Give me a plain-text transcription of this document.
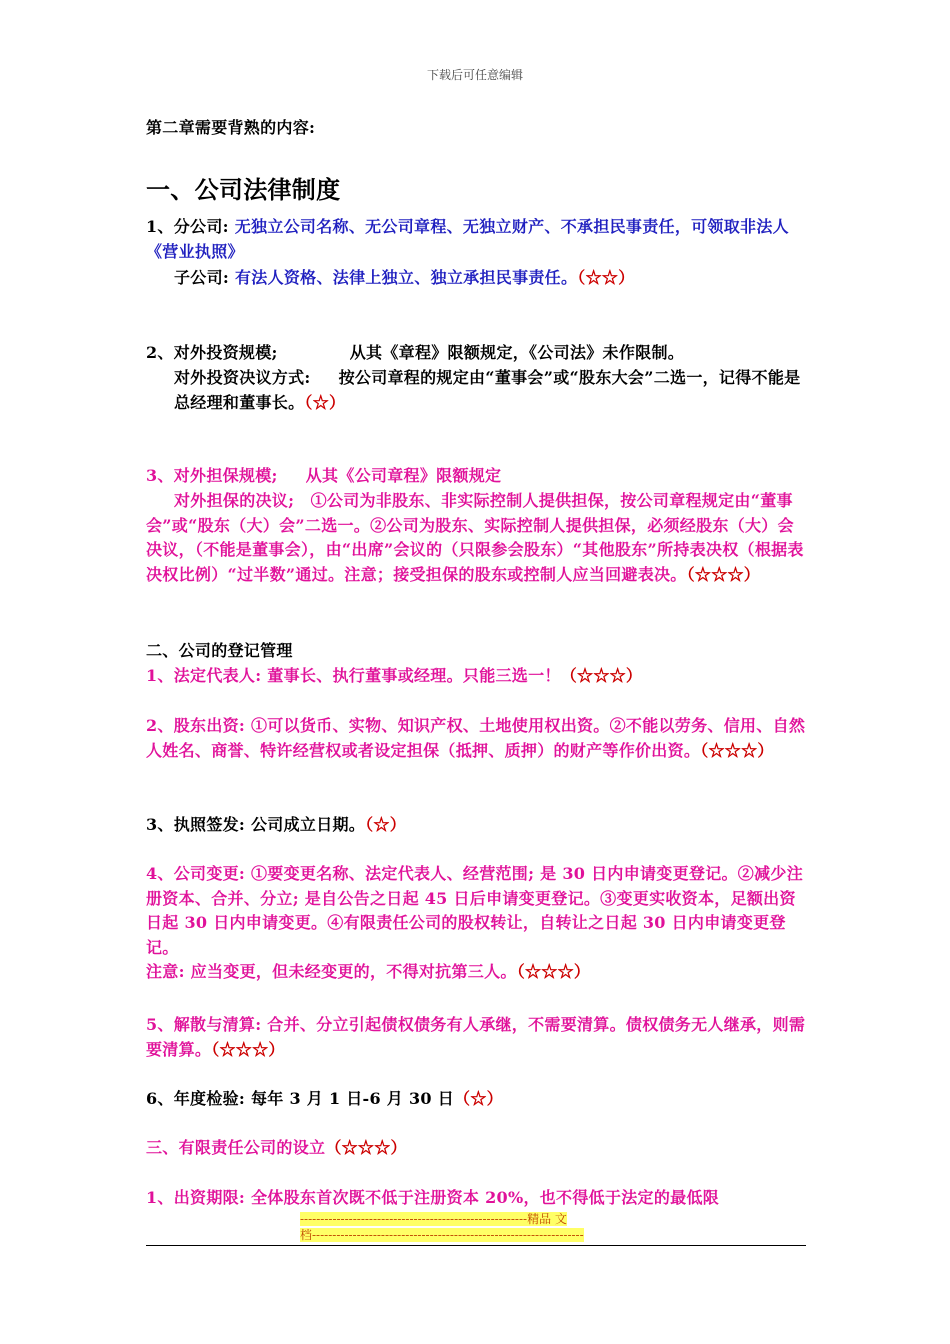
下载后可任意编辑
第二章需要背熟的内容:
一、公司法律制度
1、分公司: 无独立公司名称、无公司章程、无独立财产、不承担民事责任，可领取非法人《营业执照》
子公司: 有法人资格、法律上独立、独立承担民事责任。（☆☆）
2、对外投资规模;	从其《章程》限额规定，《公司法》未作限制。
对外投资决议方式: 按公司章程的规定由“董事会”或“股东大会”二选一，记得不能是总经理和董事长。（☆）
3、对外担保规模; 从其《公司章程》限额规定
对外担保的决议;　①公司为非股东、非实际控制人提供担保，按公司章程规定由“董事会”或“股东（大）会”二选一。②公司为股东、实际控制人提供担保，必须经股东（大）会决议，（不能是董事会），由“出席”会议的（只限参会股东）“其他股东”所持表决权（根据表决权比例）“过半数”通过。注意；接受担保的股东或控制人应当回避表决。（☆☆☆）
二、公司的登记管理
1、法定代表人: 董事长、执行董事或经理。只能三选一！（☆☆☆）
2、股东出资: ①可以货币、实物、知识产权、土地使用权出资。②不能以劳务、信用、自然人姓名、商誉、特许经营权或者设定担保（抵押、质押）的财产等作价出资。（☆☆☆）
3、执照签发: 公司成立日期。（☆）
4、公司变更: ①要变更名称、法定代表人、经营范围; 是 30 日内申请变更登记。②减少注册资本、合并、分立; 是自公告之日起 45 日后申请变更登记。③变更实收资本，足额出资日起 30 日内申请变更。④有限责任公司的股权转让，自转让之日起 30 日内申请变更登记。
注意: 应当变更，但未经变更的，不得对抗第三人。（☆☆☆）
5、解散与清算: 合并、分立引起债权债务有人承继，不需要清算。债权债务无人继承，则需要清算。（☆☆☆）
6、年度检验: 每年 3 月 1 日-6 月 30 日（☆）
三、有限责任公司的设立（☆☆☆）
1、出资期限: 全体股东首次既不低于注册资本 20%，也不得低于法定的最低限
--------------------------------------------------------精品 文
档-------------------------------------------------------------------
